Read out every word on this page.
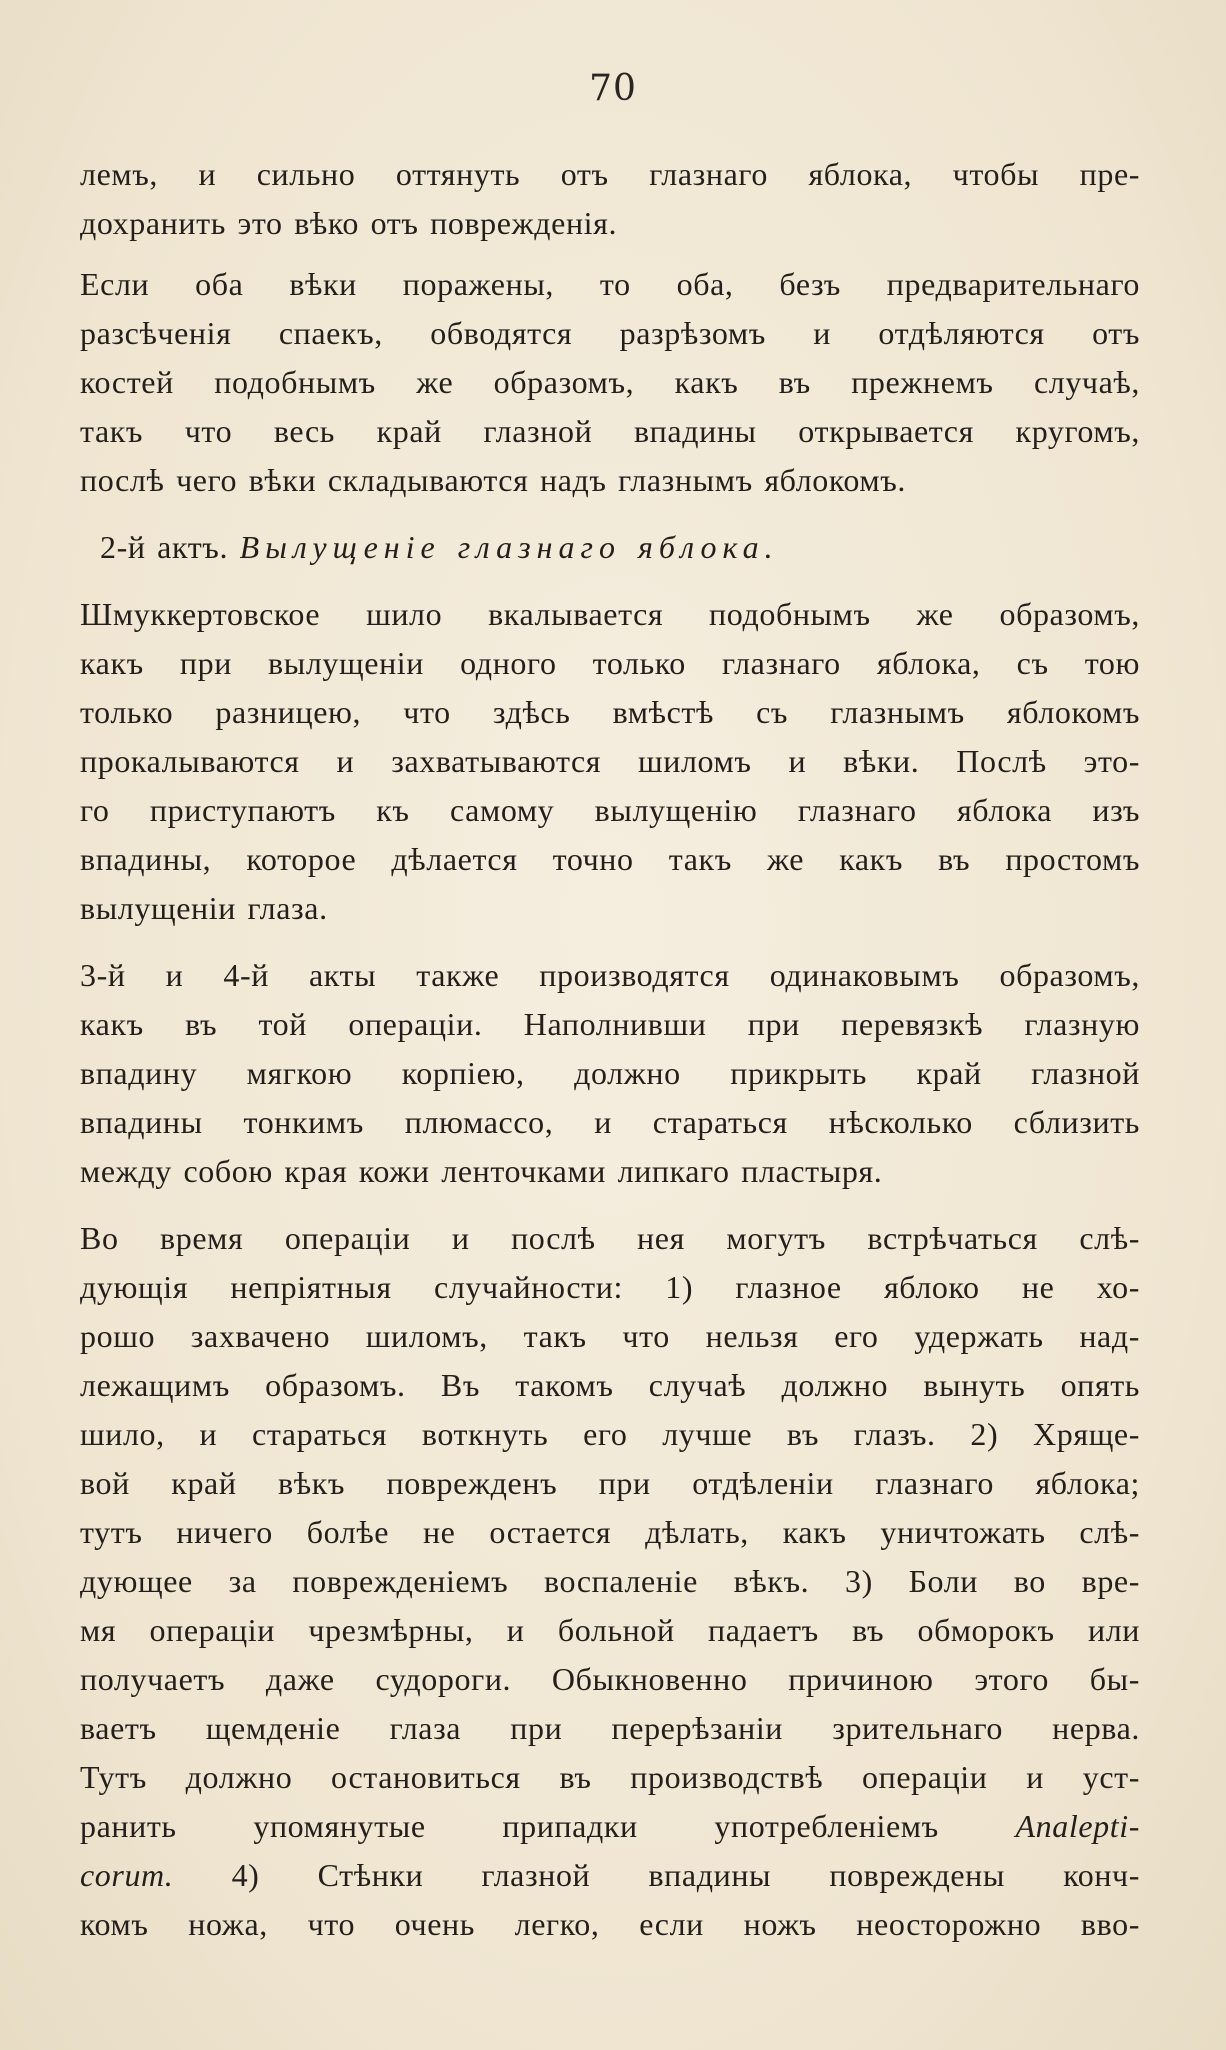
70
лемъ, и сильно оттянуть отъ глазнаго яблока, чтобы пре-
дохранить это вѣко отъ поврежденія.
Если оба вѣки поражены, то оба, безъ предварительнаго
разсѣченія спаекъ, обводятся разрѣзомъ и отдѣляются отъ
костей подобнымъ же образомъ, какъ въ прежнемъ случаѣ,
такъ что весь край глазной впадины открывается кругомъ,
послѣ чего вѣки складываются надъ глазнымъ яблокомъ.
2-й актъ. Вылущеніе глазнаго яблока.
Шмуккертовское шило вкалывается подобнымъ же образомъ,
какъ при вылущеніи одного только глазнаго яблока, съ тою
только разницею, что здѣсь вмѣстѣ съ глазнымъ яблокомъ
прокалываются и захватываются шиломъ и вѣки. Послѣ это-
го приступаютъ къ самому вылущенію глазнаго яблока изъ
впадины, которое дѣлается точно такъ же какъ въ простомъ
вылущеніи глаза.
3-й и 4-й акты также производятся одинаковымъ образомъ,
какъ въ той операціи. Наполнивши при перевязкѣ глазную
впадину мягкою корпіею, должно прикрыть край глазной
впадины тонкимъ плюмассо, и стараться нѣсколько сблизить
между собою края кожи ленточками липкаго пластыря.
Во время операціи и послѣ нея могутъ встрѣчаться слѣ-
дующія непріятныя случайности: 1) глазное яблоко не хо-
рошо захвачено шиломъ, такъ что нельзя его удержать над-
лежащимъ образомъ. Въ такомъ случаѣ должно вынуть опять
шило, и стараться воткнуть его лучше въ глазъ. 2) Хряще-
вой край вѣкъ поврежденъ при отдѣленіи глазнаго яблока;
тутъ ничего болѣе не остается дѣлать, какъ уничтожать слѣ-
дующее за поврежденіемъ воспаленіе вѣкъ. 3) Боли во вре-
мя операціи чрезмѣрны, и больной падаетъ въ обморокъ или
получаетъ даже судороги. Обыкновенно причиною этого бы-
ваетъ щемденіе глаза при перерѣзаніи зрительнаго нерва.
Тутъ должно остановиться въ производствѣ операціи и уст-
ранить упомянутые припадки употребленіемъ Analepti-
corum. 4) Стѣнки глазной впадины повреждены конч-
комъ ножа, что очень легко, если ножъ неосторожно вво-
